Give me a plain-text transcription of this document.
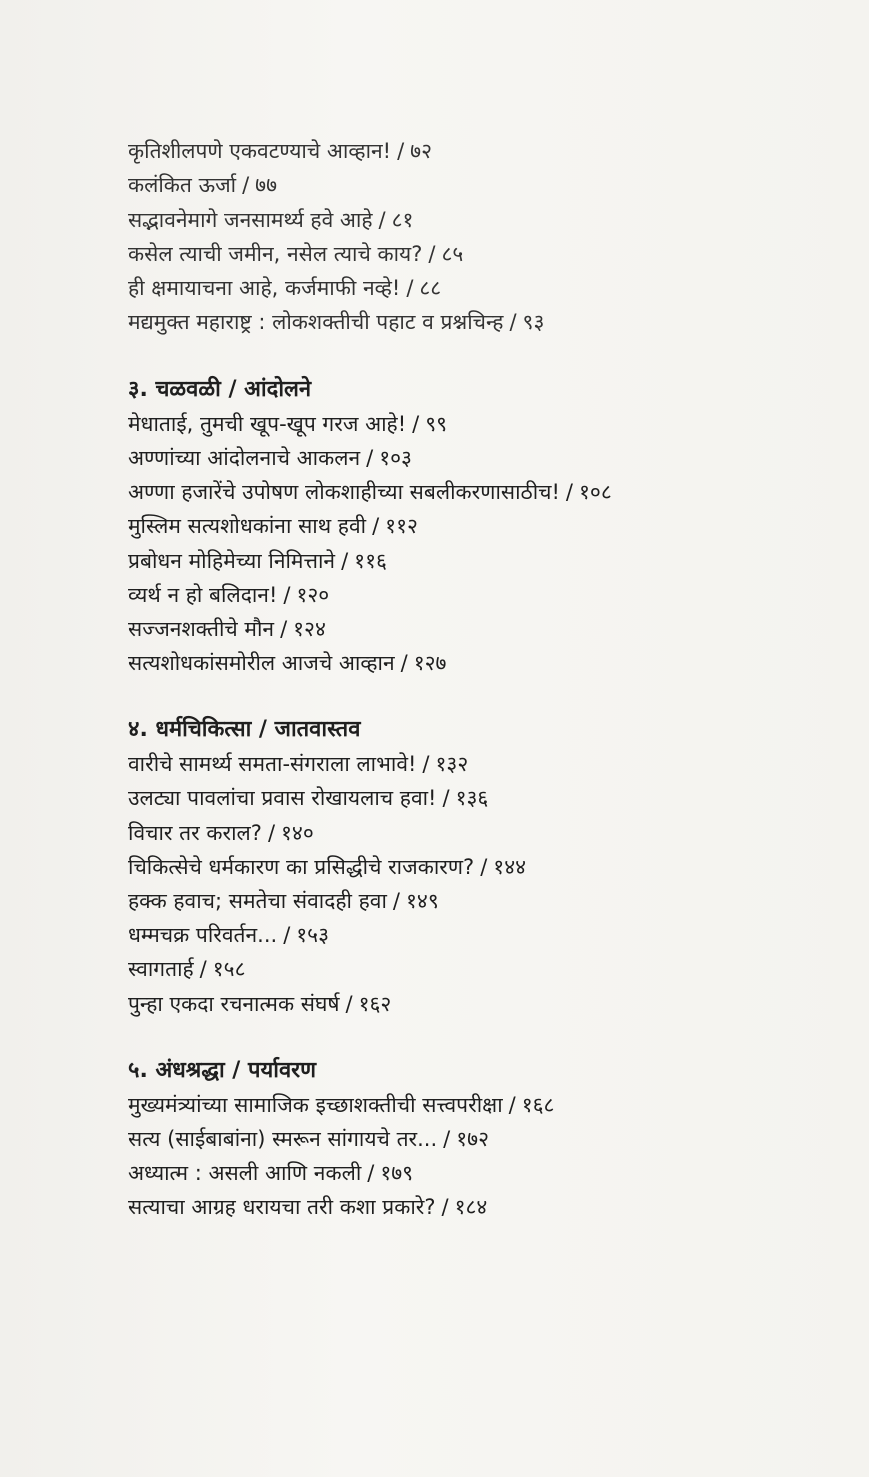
कृतिशीलपणे एकवटण्याचे आव्हान! / ७२
कलंकित ऊर्जा / ७७
सद्भावनेमागे जनसामर्थ्य हवे आहे / ८१
कसेल त्याची जमीन, नसेल त्याचे काय? / ८५
ही क्षमायाचना आहे, कर्जमाफी नव्हे! / ८८
मद्यमुक्त महाराष्ट्र : लोकशक्तीची पहाट व प्रश्नचिन्ह / ९३
३. चळवळी / आंदोलने
मेधाताई, तुमची खूप-खूप गरज आहे! / ९९
अण्णांच्या आंदोलनाचे आकलन / १०३
अण्णा हजारेंचे उपोषण लोकशाहीच्या सबलीकरणासाठीच! / १०८
मुस्लिम सत्यशोधकांना साथ हवी / ११२
प्रबोधन मोहिमेच्या निमित्ताने / ११६
व्यर्थ न हो बलिदान! / १२०
सज्जनशक्तीचे मौन / १२४
सत्यशोधकांसमोरील आजचे आव्हान / १२७
४. धर्मचिकित्सा / जातवास्तव
वारीचे सामर्थ्य समता-संगराला लाभावे! / १३२
उलट्या पावलांचा प्रवास रोखायलाच हवा! / १३६
विचार तर कराल? / १४०
चिकित्सेचे धर्मकारण का प्रसिद्धीचे राजकारण? / १४४
हक्क हवाच; समतेचा संवादही हवा / १४९
धम्मचक्र परिवर्तन... / १५३
स्वागतार्ह / १५८
पुन्हा एकदा रचनात्मक संघर्ष / १६२
५. अंधश्रद्धा / पर्यावरण
मुख्यमंत्र्यांच्या सामाजिक इच्छाशक्तीची सत्त्वपरीक्षा / १६८
सत्य (साईबाबांना) स्मरून सांगायचे तर... / १७२
अध्यात्म : असली आणि नकली / १७९
सत्याचा आग्रह धरायचा तरी कशा प्रकारे? / १८४
